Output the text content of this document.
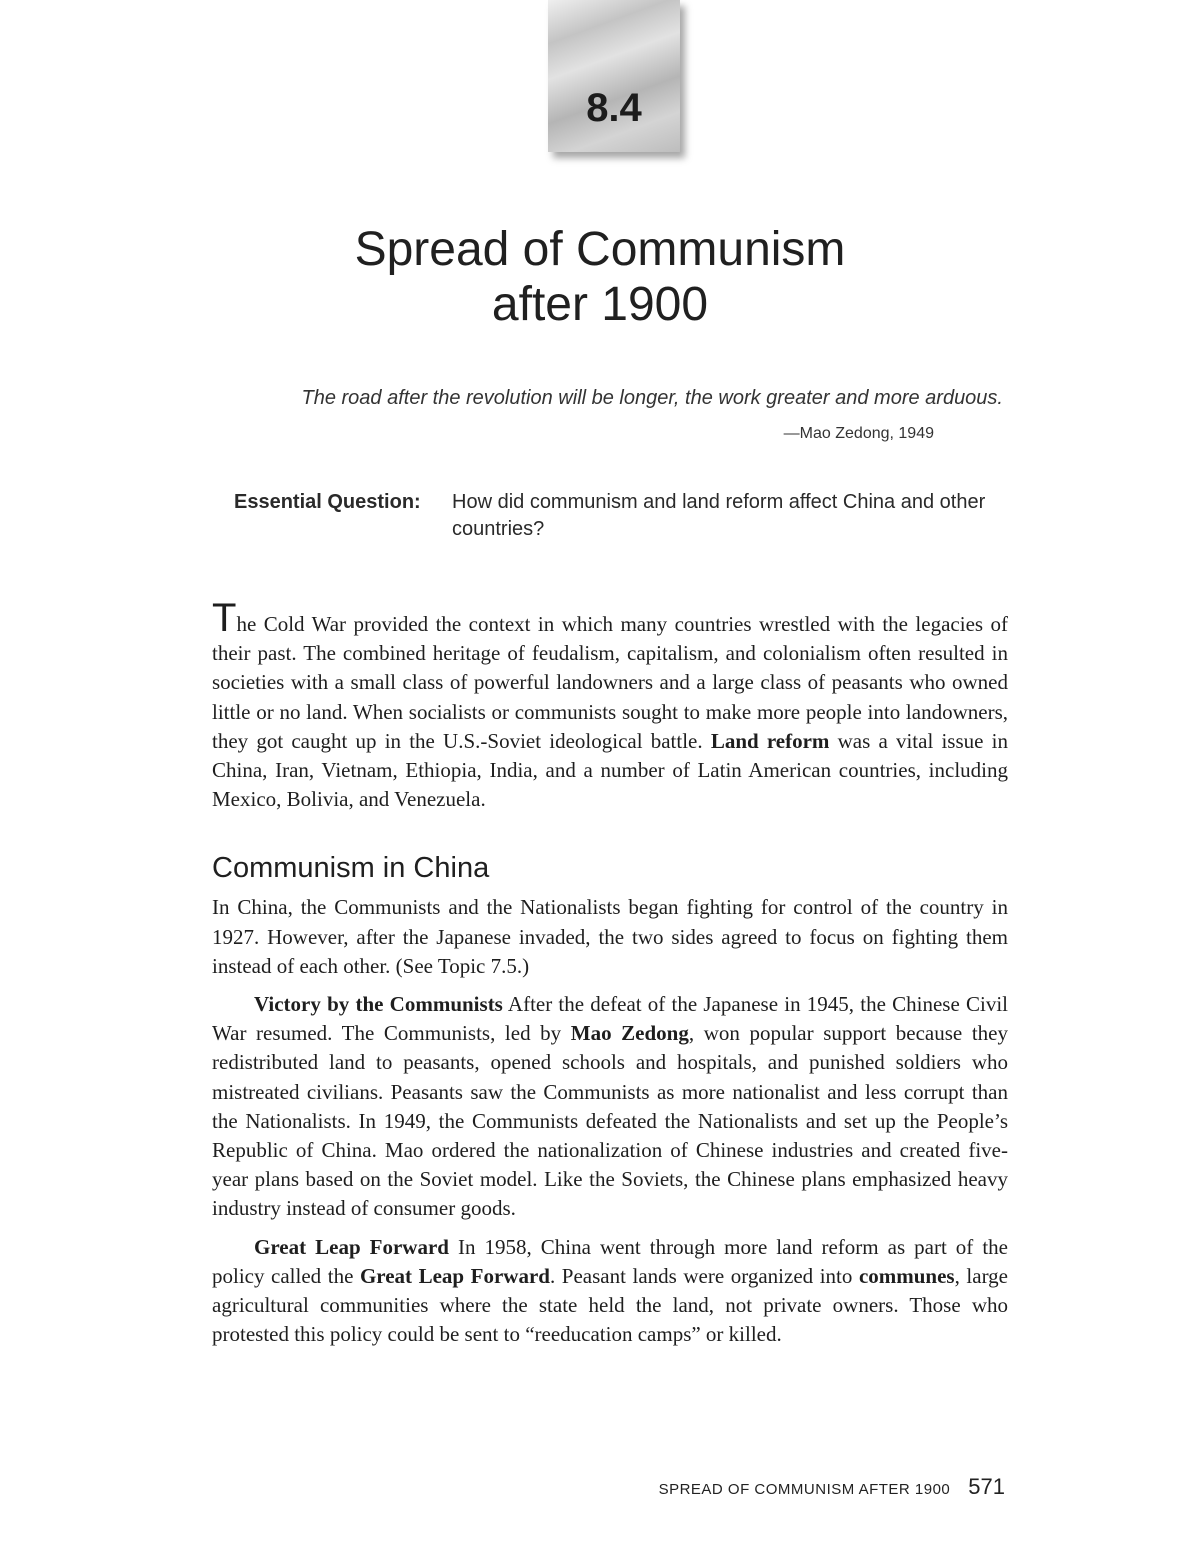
8.4
Spread of Communism
after 1900
The road after the revolution will be longer, the work greater and more arduous.
—Mao Zedong, 1949
Essential Question:	How did communism and land reform affect China and other countries?

The Cold War provided the context in which many countries wrestled with the legacies of their past. The combined heritage of feudalism, capitalism, and colonialism often resulted in societies with a small class of powerful landowners and a large class of peasants who owned little or no land. When socialists or communists sought to make more people into landowners, they got caught up in the U.S.-Soviet ideological battle. Land reform was a vital issue in China, Iran, Vietnam, Ethiopia, India, and a number of Latin American countries, including Mexico, Bolivia, and Venezuela.

Communism in China

In China, the Communists and the Nationalists began fighting for control of the country in 1927. However, after the Japanese invaded, the two sides agreed to focus on fighting them instead of each other. (See Topic 7.5.)

Victory by the Communists After the defeat of the Japanese in 1945, the Chinese Civil War resumed. The Communists, led by Mao Zedong, won popular support because they redistributed land to peasants, opened schools and hospitals, and punished soldiers who mistreated civilians. Peasants saw the Communists as more nationalist and less corrupt than the Nationalists. In 1949, the Communists defeated the Nationalists and set up the People’s Republic of China. Mao ordered the nationalization of Chinese industries and created five-year plans based on the Soviet model. Like the Soviets, the Chinese plans emphasized heavy industry instead of consumer goods.

Great Leap Forward In 1958, China went through more land reform as part of the policy called the Great Leap Forward. Peasant lands were organized into communes, large agricultural communities where the state held the land, not private owners. Those who protested this policy could be sent to “reeducation camps” or killed.

SPREAD OF COMMUNISM AFTER 1900 571
